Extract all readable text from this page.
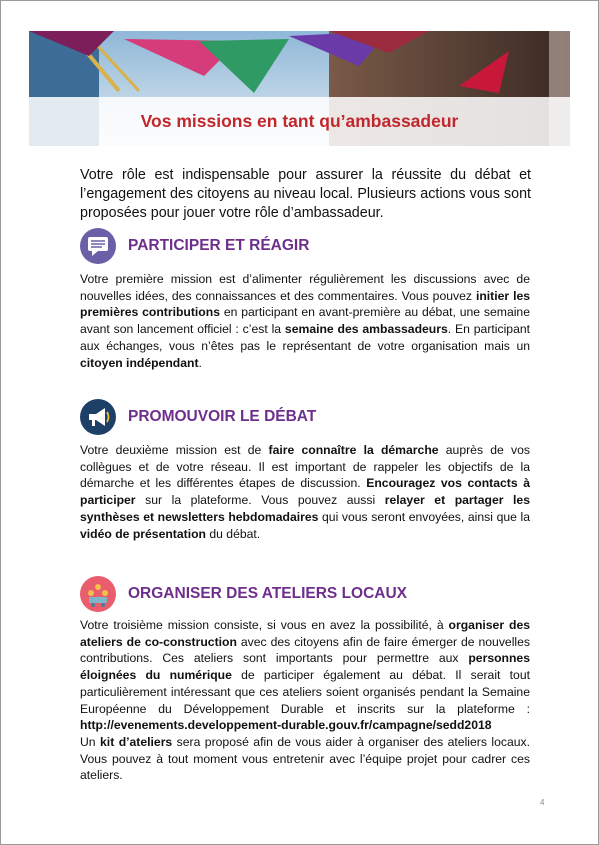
Vos missions en tant qu’ambassadeur

Votre rôle est indispensable pour assurer la réussite du débat et l’engagement des citoyens au niveau local. Plusieurs actions vous sont proposées pour jouer votre rôle d’ambassadeur.

PARTICIPER ET RÉAGIR

Votre première mission est d’alimenter régulièrement les discussions avec de nouvelles idées, des connaissances et des commentaires. Vous pouvez initier les premières contributions en participant en avant-première au débat, une semaine avant son lancement officiel : c’est la semaine des ambassadeurs. En participant aux échanges, vous n’êtes pas le représentant de votre organisation mais un citoyen indépendant.

PROMOUVOIR LE DÉBAT

Votre deuxième mission est de faire connaître la démarche auprès de vos collègues et de votre réseau. Il est important de rappeler les objectifs de la démarche et les différentes étapes de discussion. Encouragez vos contacts à participer sur la plateforme. Vous pouvez aussi relayer et partager les synthèses et newsletters hebdomadaires qui vous seront envoyées, ainsi que la vidéo de présentation du débat.

ORGANISER DES ATELIERS LOCAUX

Votre troisième mission consiste, si vous en avez la possibilité, à organiser des ateliers de co-construction avec des citoyens afin de faire émerger de nouvelles contributions. Ces ateliers sont importants pour permettre aux personnes éloignées du numérique de participer également au débat. Il serait tout particulièrement intéressant que ces ateliers soient organisés pendant la Semaine Européenne du Développement Durable et inscrits sur la plateforme : http://evenements.developpement-durable.gouv.fr/campagne/sedd2018
Un kit d’ateliers sera proposé afin de vous aider à organiser des ateliers locaux. Vous pouvez à tout moment vous entretenir avec l’équipe projet pour cadrer ces ateliers.

4
